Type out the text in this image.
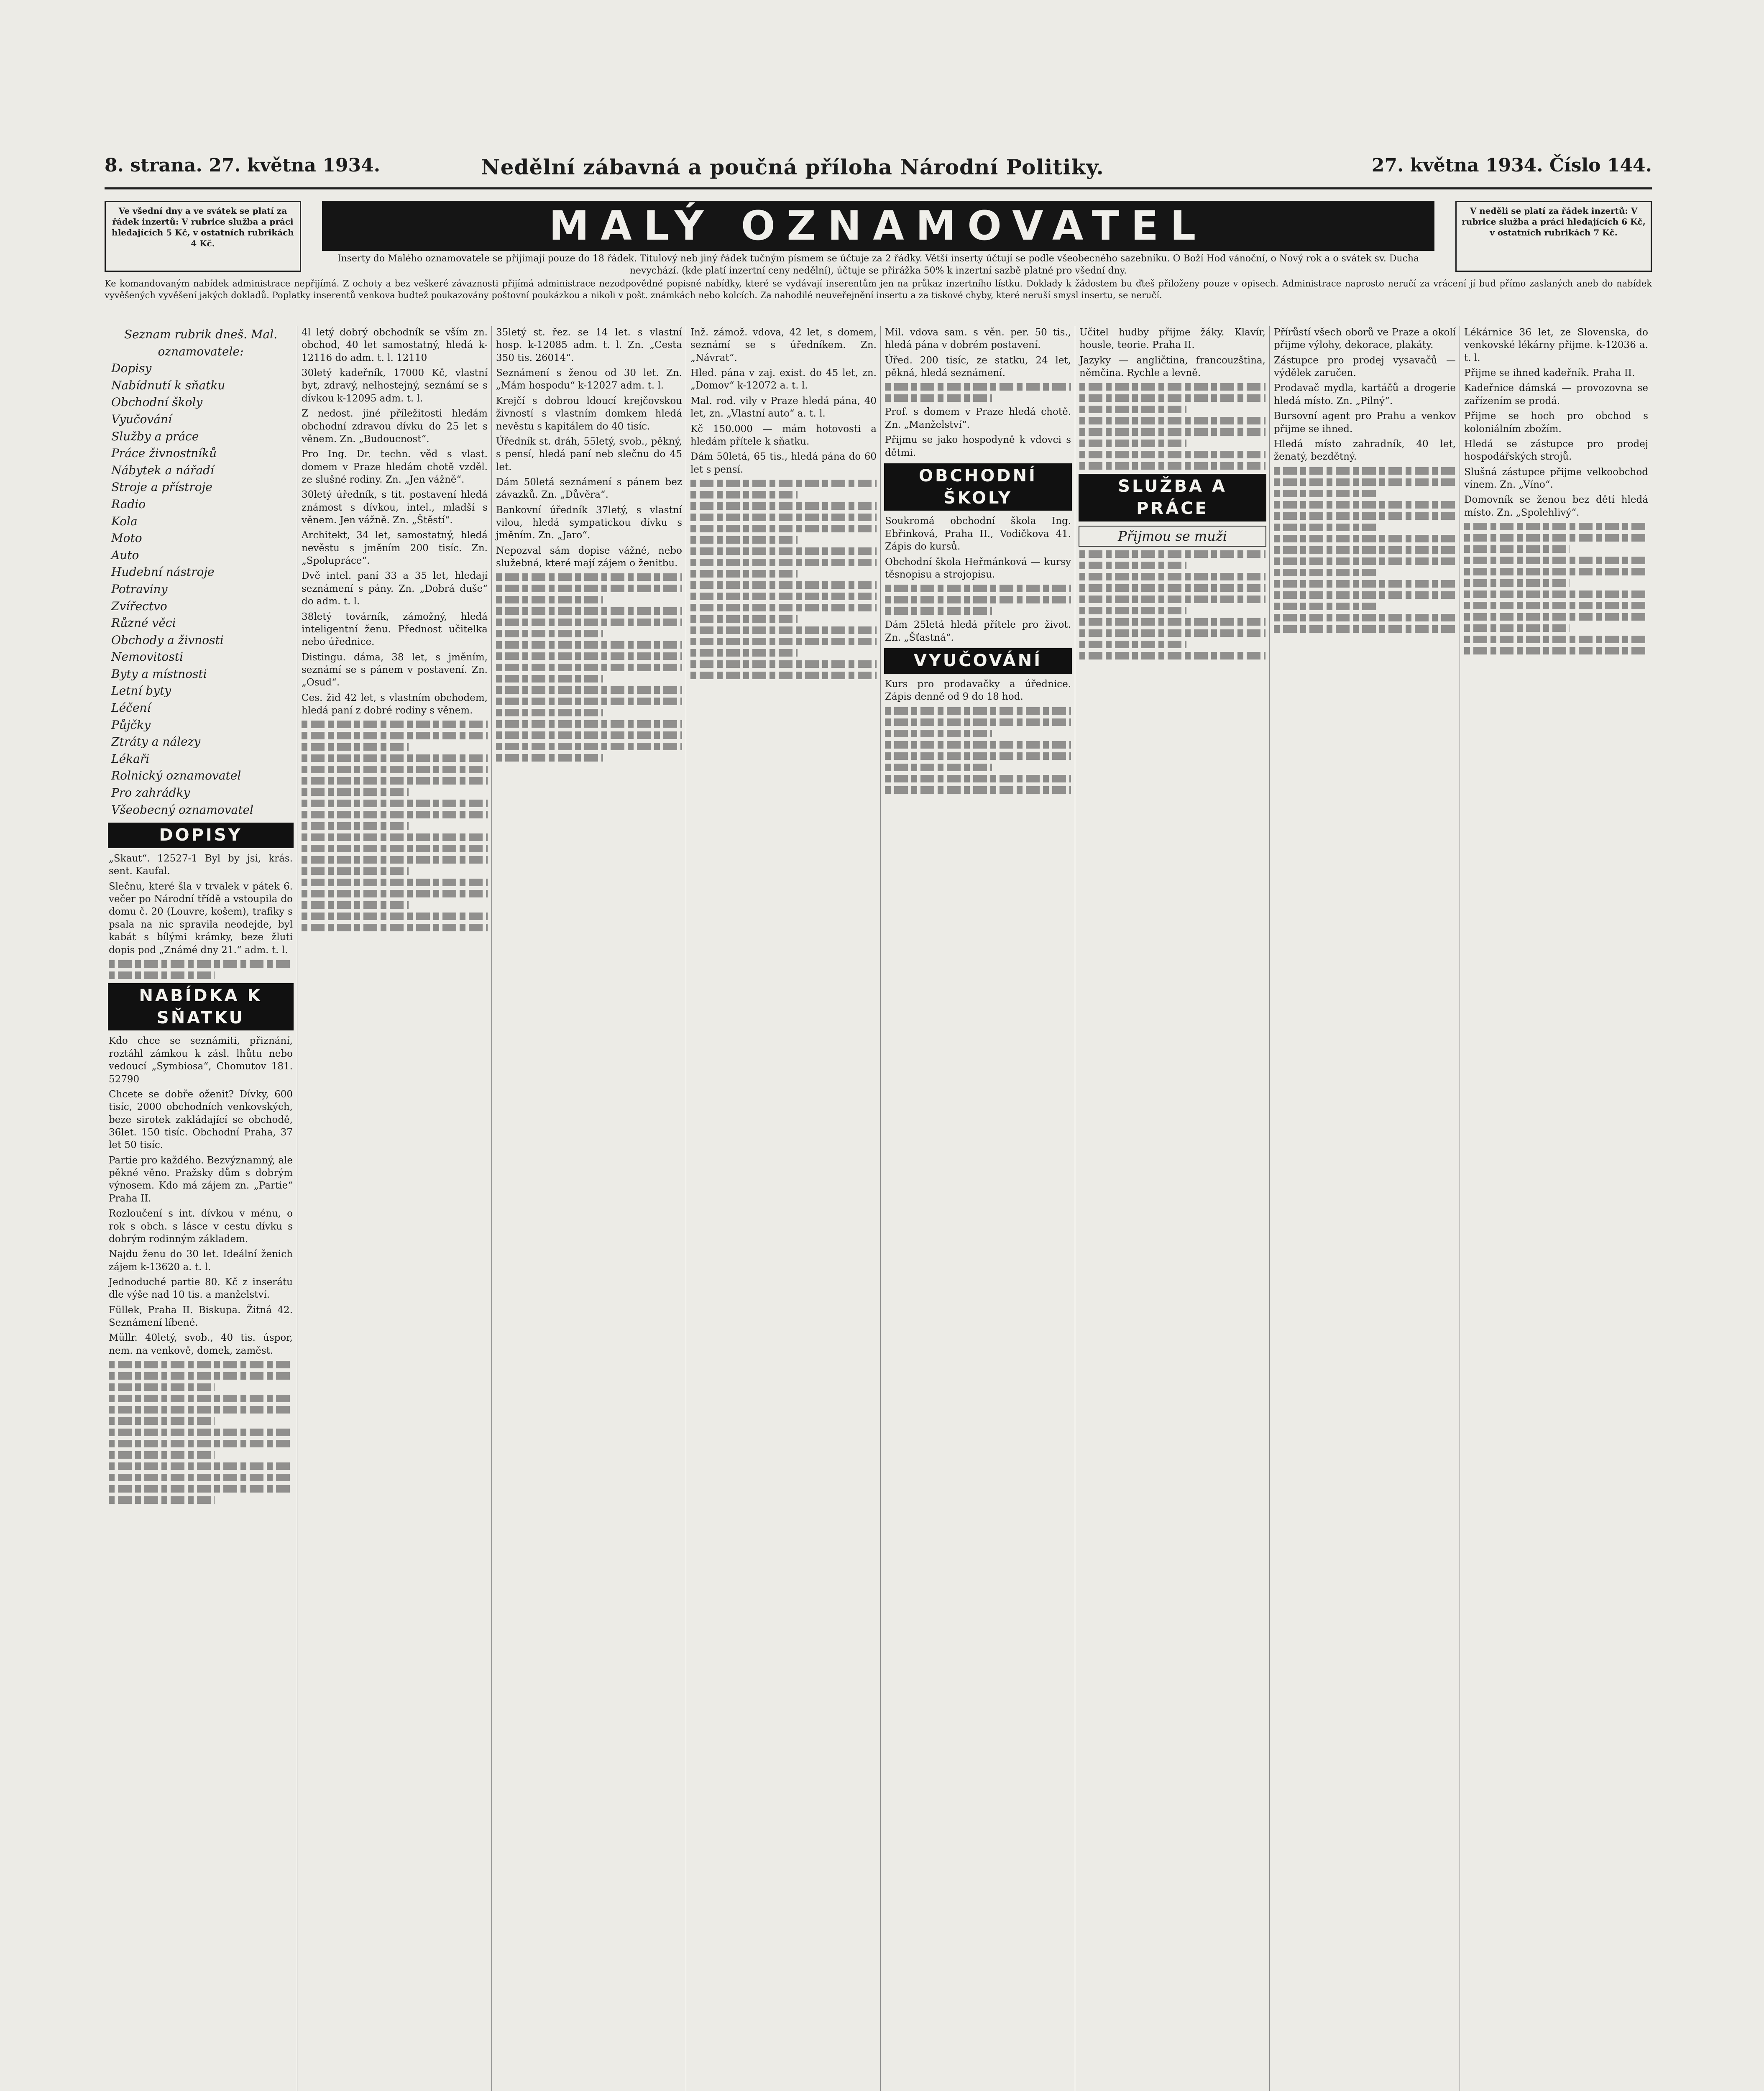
8. strana. 27. května 1934.	Nedělní zábavná a poučná příloha Národní Politiky.	27. května 1934. Číslo 144.
Ve všední dny a ve svátek se platí za řádek inzertů: V rubrice služba a práci hledajících 5 Kč, v ostatních rubrikách 4 Kč.	MALÝ OZNAMOVATEL
Inserty do Malého oznamovatele se přijímají pouze do 18 řádek. Titulový neb jiný řádek tučným písmem se účtuje za 2 řádky. Větší inserty účtují se podle všeobecného sazebníku. O Boží Hod vánoční, o Nový rok a o svátek sv. Ducha nevychází. (kde platí inzertní ceny nedělní), účtuje se přirážka 50% k inzertní sazbě platné pro všední dny.
V neděli se platí za řádek inzertů: V rubrice služba a práci hledajících 6 Kč, v ostatních rubrikách 7 Kč.
Ke komandovaným nabídek administrace nepřijímá. Z ochoty a bez veškeré závaznosti přijímá administrace nezodpovědné popisné nabídky, které se vydávají inserentům jen na průkaz inzertního lístku. Doklady k žádostem bu ďteš přiloženy pouze v opisech. Administrace naprosto neručí za vrácení jí bud přímo zaslaných aneb do nabídek vyvěšených vyvěšení jakých dokladů. Poplatky inserentů venkova budtež poukazovány poštovní poukázkou a nikoli v pošt. známkách nebo kolcích. Za nahodilé neuveřejnění insertu a za tiskové chyby, které neruší smysl insertu, se neručí.
Seznam rubrik dneš. Mal. oznamovatele:
Dopisy
Nabídnutí k sňatku
Obchodní školy
Vyučování
Služby a práce
Práce živnostníků
Nábytek a nářadí
Stroje a přístroje
Radio
Kola
Moto
Auto
Hudební nástroje
Potraviny
Zvířectvo
Různé věci
Obchody a živnosti
Nemovitosti
Byty a místnosti
Letní byty
Léčení
Půjčky
Ztráty a nálezy
Lékaři
Rolnický oznamovatel
Pro zahrádky
Všeobecný oznamovatel
DOPISY

„Skaut“. 12527-1 Byl by jsi, krás. sent. Kaufal.

Slečnu, které šla v trvalek v pátek 6. večer po Národní třídě a vstoupila do domu č. 20 (Louvre, košem), trafiky s psala na nic spravila neodejde, byl kabát s bílými krámky, beze žluti dopis pod „Známé dny 21.“ adm. t. l.

NABÍDKA K SŇATKU

Kdo chce se seznámiti, přiznání, roztáhl zámkou k zásl. lhůtu nebo vedoucí „Symbiosa“, Chomutov 181. 52790

Chcete se dobře oženit? Dívky, 600 tisíc, 2000 obchodních venkovských, beze sirotek zakládající se obchodě, 36let. 150 tisíc. Obchodní Praha, 37 let 50 tisíc.

Partie pro každého. Bezvýznamný, ale pěkné věno. Pražsky dům s dobrým výnosem. Kdo má zájem zn. „Partie“ Praha II.

Rozloučení s int. dívkou v ménu, o rok s obch. s lásce v cestu dívku s dobrým rodinným základem.

Najdu ženu do 30 let. Ideální ženich zájem k-13620 a. t. l.

Jednoduché partie 80. Kč z inserátu dle výše nad 10 tis. a manželství.

Füllek, Praha II. Biskupa. Žitná 42. Seznámení líbené.

Müllr. 40letý, svob., 40 tis. úspor, nem. na venkově, domek, zaměst.

4l letý dobrý obchodník se vším zn. obchod, 40 let samostatný, hledá k-12116 do adm. t. l. 12110

30letý kadeřník, 17000 Kč, vlastní byt, zdravý, nelhostejný, seznámí se s dívkou k-12095 adm. t. l.

Z nedost. jiné příležitosti hledám obchodní zdravou dívku do 25 let s věnem. Zn. „Budoucnost“.

Pro Ing. Dr. techn. věd s vlast. domem v Praze hledám chotě vzděl. ze slušné rodiny. Zn. „Jen vážně“.

30letý úředník, s tit. postavení hledá známost s dívkou, intel., mladší s věnem. Jen vážně. Zn. „Štěstí“.

Architekt, 34 let, samostatný, hledá nevěstu s jměním 200 tisíc. Zn. „Spolupráce“.

Dvě intel. paní 33 a 35 let, hledají seznámení s pány. Zn. „Dobrá duše“ do adm. t. l.

38letý továrník, zámožný, hledá inteligentní ženu. Přednost učitelka nebo úřednice.

Distingu. dáma, 38 let, s jměním, seznámí se s pánem v postavení. Zn. „Osud“.

Ces. žid 42 let, s vlastním obchodem, hledá paní z dobré rodiny s věnem.

35letý st. řez. se 14 let. s vlastní hosp. k-12085 adm. t. l. Zn. „Cesta 350 tis. 26014“.

Seznámení s ženou od 30 let. Zn. „Mám hospodu“ k-12027 adm. t. l.

Krejčí s dobrou ldoucí krejčovskou živností s vlastním domkem hledá nevěstu s kapitálem do 40 tisíc.

Úředník st. dráh, 55letý, svob., pěkný, s pensí, hledá paní neb slečnu do 45 let.

Dám 50letá seznámení s pánem bez závazků. Zn. „Důvěra“.

Bankovní úředník 37letý, s vlastní vilou, hledá sympatickou dívku s jměním. Zn. „Jaro“.

Nepozval sám dopise vážné, nebo služebná, které mají zájem o ženitbu.

Inž. zámož. vdova, 42 let, s domem, seznámí se s úředníkem. Zn. „Návrat“.

Hled. pána v zaj. exist. do 45 let, zn. „Domov“ k-12072 a. t. l.

Mal. rod. vily v Praze hledá pána, 40 let, zn. „Vlastní auto“ a. t. l.

Kč 150.000 — mám hotovosti a hledám přítele k sňatku.

Dám 50letá, 65 tis., hledá pána do 60 let s pensí.

Mil. vdova sam. s věn. per. 50 tis., hledá pána v dobrém postavení.

Úřed. 200 tisíc, ze statku, 24 let, pěkná, hledá seznámení.

Prof. s domem v Praze hledá chotě. Zn. „Manželství“.

Přijmu se jako hospodyně k vdovci s dětmi.

OBCHODNÍ ŠKOLY

Soukromá obchodní škola Ing. Ebřinková, Praha II., Vodičkova 41. Zápis do kursů.

Obchodní škola Heřmánková — kursy těsnopisu a strojopisu.

Dám 25letá hledá přítele pro život. Zn. „Šťastná“.

VYUČOVÁNÍ

Kurs pro prodavačky a úřednice. Zápis denně od 9 do 18 hod.

Učitel hudby přijme žáky. Klavír, housle, teorie. Praha II.

Jazyky — angličtina, francouzština, němčina. Rychle a levně.

SLUŽBA A PRÁCE
Přijmou se muži

Přírůstí všech oborů ve Praze a okolí přijme výlohy, dekorace, plakáty.

Zástupce pro prodej vysavačů — výdělek zaručen.

Prodavač mydla, kartáčů a drogerie hledá místo. Zn. „Pilný“.

Bursovní agent pro Prahu a venkov přijme se ihned.

Hledá místo zahradník, 40 let, ženatý, bezdětný.

Lékárnice 36 let, ze Slovenska, do venkovské lékárny přijme. k-12036 a. t. l.

Přijme se ihned kadeřník. Praha II.

Kadeřnice dámská — provozovna se zařízením se prodá.

Přijme se hoch pro obchod s koloniálním zbožím.

Hledá se zástupce pro prodej hospodářských strojů.

Slušná zástupce přijme velkoobchod vínem. Zn. „Víno“.

Domovník se ženou bez dětí hledá místo. Zn. „Spolehlivý“.
